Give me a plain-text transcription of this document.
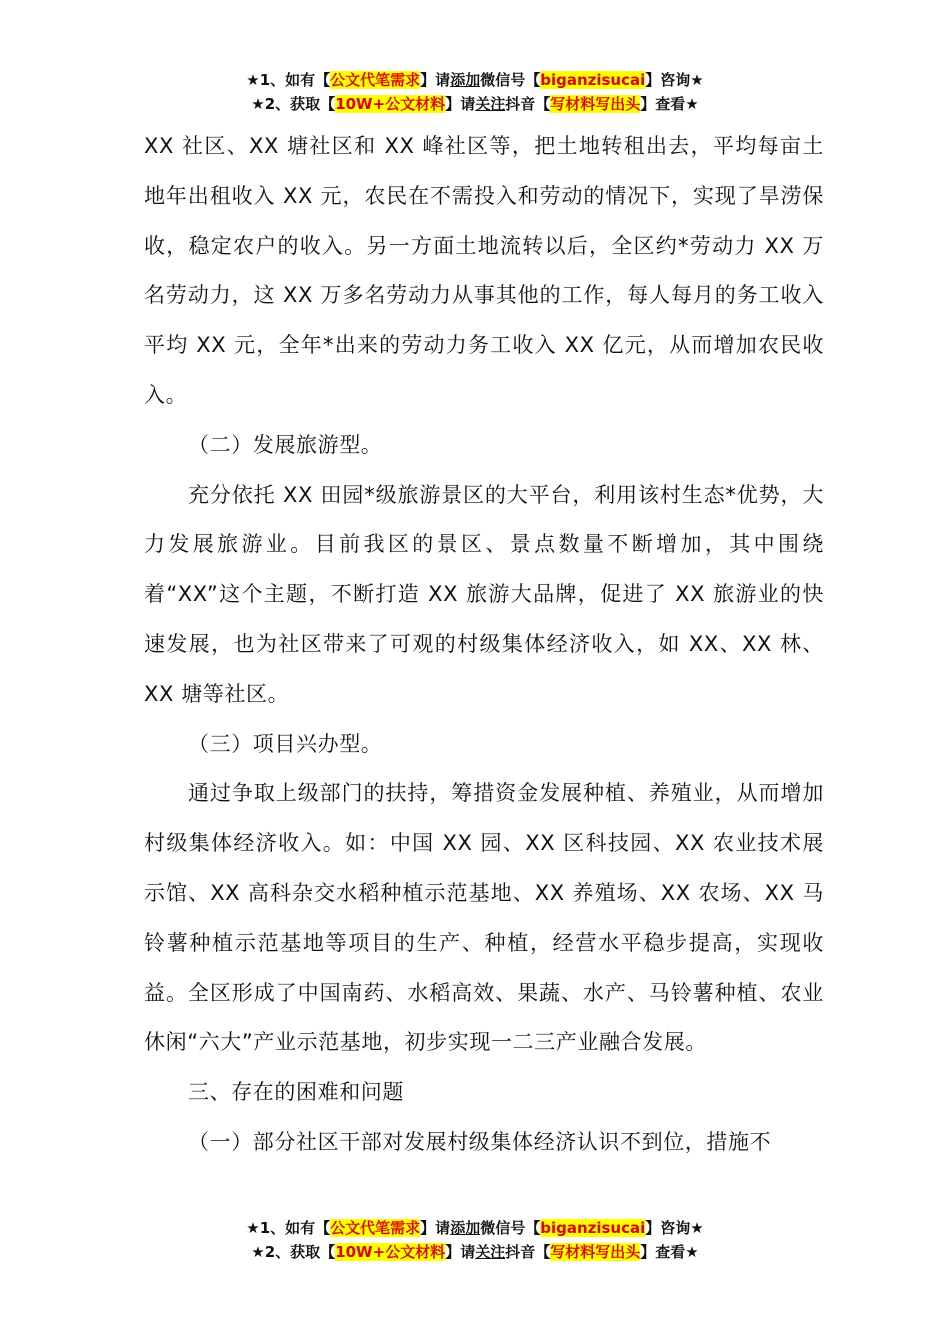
★1、如有【公文代笔需求】请添加微信号【biganzisucai】咨询★
★2、获取【10W+公文材料】请关注抖音【写材料写出头】查看★

XX 社区、XX 塘社区和 XX 峰社区等，把土地转租出去，平均每亩土地年出租收入 XX 元，农民在不需投入和劳动的情况下，实现了旱涝保收，稳定农户的收入。另一方面土地流转以后，全区约*劳动力 XX 万名劳动力，这 XX 万多名劳动力从事其他的工作，每人每月的务工收入平均 XX 元，全年*出来的劳动力务工收入 XX 亿元，从而增加农民收入。

（二）发展旅游型。

充分依托 XX 田园*级旅游景区的大平台，利用该村生态*优势，大力发展旅游业。目前我区的景区、景点数量不断增加，其中围绕着“XX”这个主题，不断打造 XX 旅游大品牌，促进了 XX 旅游业的快速发展，也为社区带来了可观的村级集体经济收入，如 XX、XX 林、XX 塘等社区。

（三）项目兴办型。

通过争取上级部门的扶持，筹措资金发展种植、养殖业，从而增加村级集体经济收入。如：中国 XX 园、XX 区科技园、XX 农业技术展示馆、XX 高科杂交水稻种植示范基地、XX 养殖场、XX 农场、XX 马铃薯种植示范基地等项目的生产、种植，经营水平稳步提高，实现收益。全区形成了中国南药、水稻高效、果蔬、水产、马铃薯种植、农业休闲“六大”产业示范基地，初步实现一二三产业融合发展。

三、存在的困难和问题

（一）部分社区干部对发展村级集体经济认识不到位，措施不

★1、如有【公文代笔需求】请添加微信号【biganzisucai】咨询★
★2、获取【10W+公文材料】请关注抖音【写材料写出头】查看★
